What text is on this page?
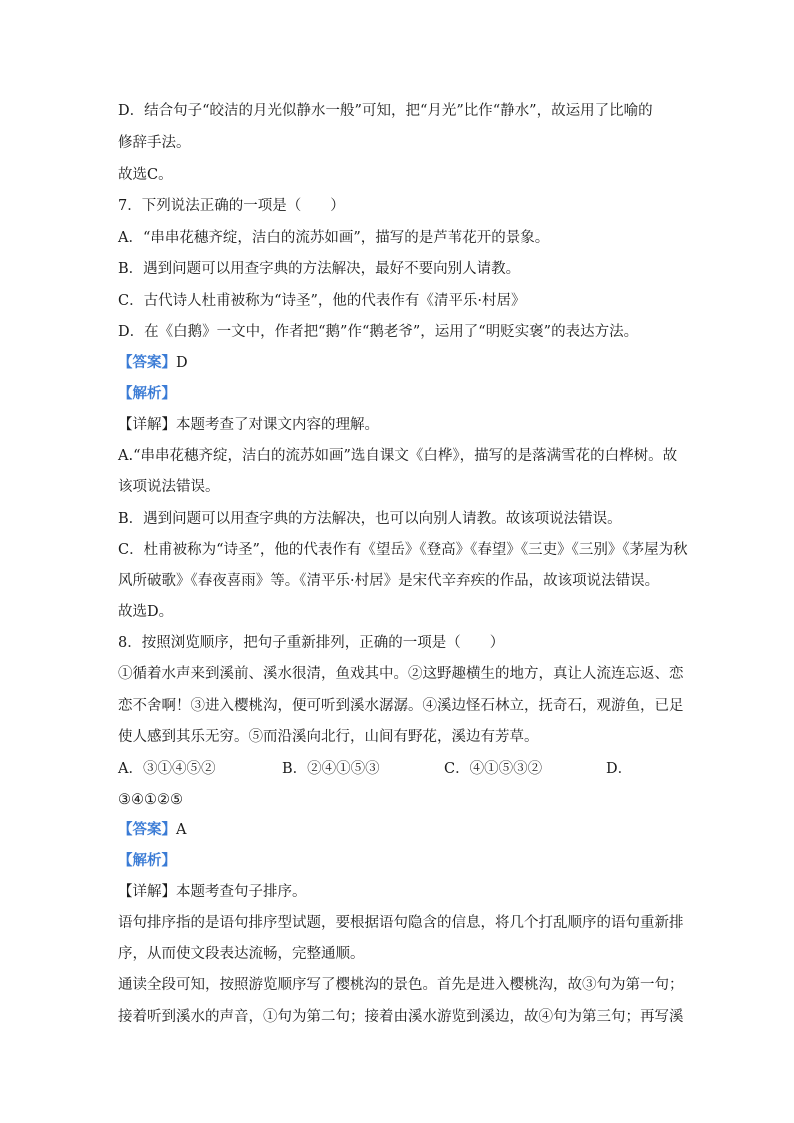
D．结合句子“皎洁的月光似静水一般”可知，把“月光”比作“静水”，故运用了比喻的
修辞手法。
故选C。
7．下列说法正确的一项是（　　）
A．“串串花穗齐绽，洁白的流苏如画”，描写的是芦苇花开的景象。
B．遇到问题可以用查字典的方法解决，最好不要向别人请教。
C．古代诗人杜甫被称为“诗圣”，他的代表作有《清平乐·村居》
D．在《白鹅》一文中，作者把“鹅”作“鹅老爷”，运用了“明贬实褒”的表达方法。
【答案】D
【解析】
【详解】本题考查了对课文内容的理解。
A.“串串花穗齐绽，洁白的流苏如画”选自课文《白桦》，描写的是落满雪花的白桦树。故
该项说法错误。
B．遇到问题可以用查字典的方法解决，也可以向别人请教。故该项说法错误。
C．杜甫被称为“诗圣”，他的代表作有《望岳》《登高》《春望》《三吏》《三别》《茅屋为秋
风所破歌》《春夜喜雨》等。《清平乐·村居》是宋代辛弃疾的作品，故该项说法错误。
故选D。
8．按照浏览顺序，把句子重新排列，正确的一项是（　　）
①循着水声来到溪前、溪水很清，鱼戏其中。②这野趣横生的地方，真让人流连忘返、恋
恋不舍啊！③进入樱桃沟，便可听到溪水潺潺。④溪边怪石林立，抚奇石，观游鱼，已足
使人感到其乐无穷。⑤而沿溪向北行，山间有野花，溪边有芳草。
A．③①④⑤②	B．②④①⑤③	C．④①⑤③②	D．
③④①②⑤
【答案】A
【解析】
【详解】本题考查句子排序。
语句排序指的是语句排序型试题，要根据语句隐含的信息，将几个打乱顺序的语句重新排
序，从而使文段表达流畅，完整通顺。
通读全段可知，按照游览顺序写了樱桃沟的景色。首先是进入樱桃沟，故③句为第一句；
接着听到溪水的声音，①句为第二句；接着由溪水游览到溪边，故④句为第三句；再写溪
